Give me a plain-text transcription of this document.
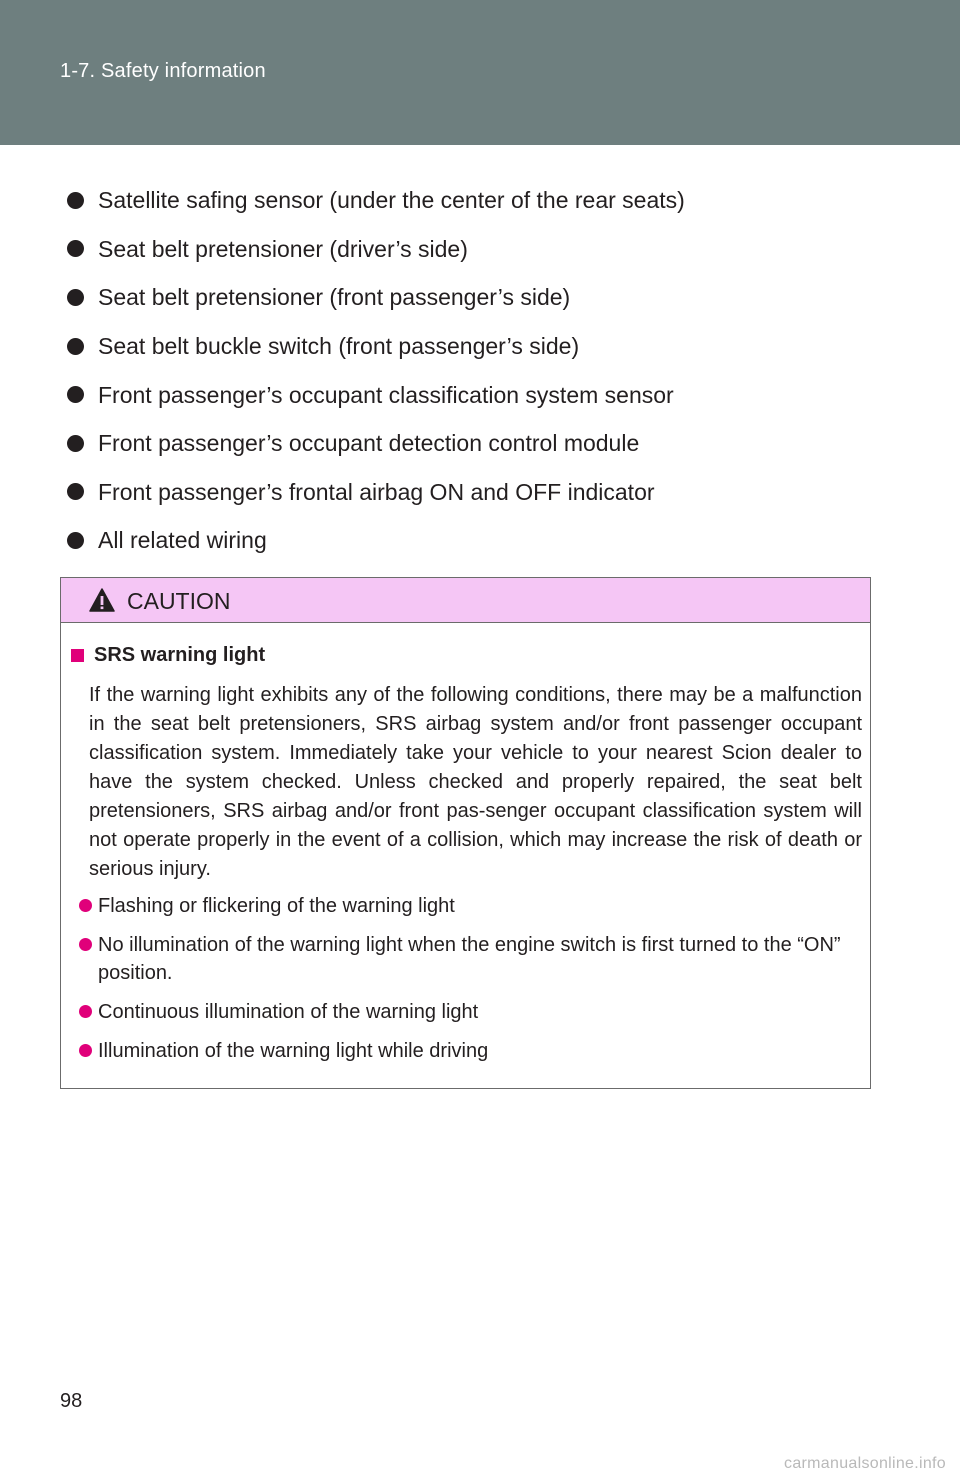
1-7. Safety information
Satellite safing sensor (under the center of the rear seats)
Seat belt pretensioner (driver’s side)
Seat belt pretensioner (front passenger’s side)
Seat belt buckle switch (front passenger’s side)
Front passenger’s occupant classification system sensor
Front passenger’s occupant detection control module
Front passenger’s frontal airbag ON and OFF indicator
All related wiring
CAUTION
SRS warning light

If the warning light exhibits any of the following conditions, there may be a malfunction in the seat belt pretensioners, SRS airbag system and/or front passenger occupant classification system. Immediately take your vehicle to your nearest Scion dealer to have the system checked. Unless checked and properly repaired, the seat belt pretensioners, SRS airbag and/or front pas-senger occupant classification system will not operate properly in the event of a collision, which may increase the risk of death or serious injury.

Flashing or flickering of the warning light
No illumination of the warning light when the engine switch is first turned to the “ON” position.
Continuous illumination of the warning light
Illumination of the warning light while driving
98
carmanualsonline.info
